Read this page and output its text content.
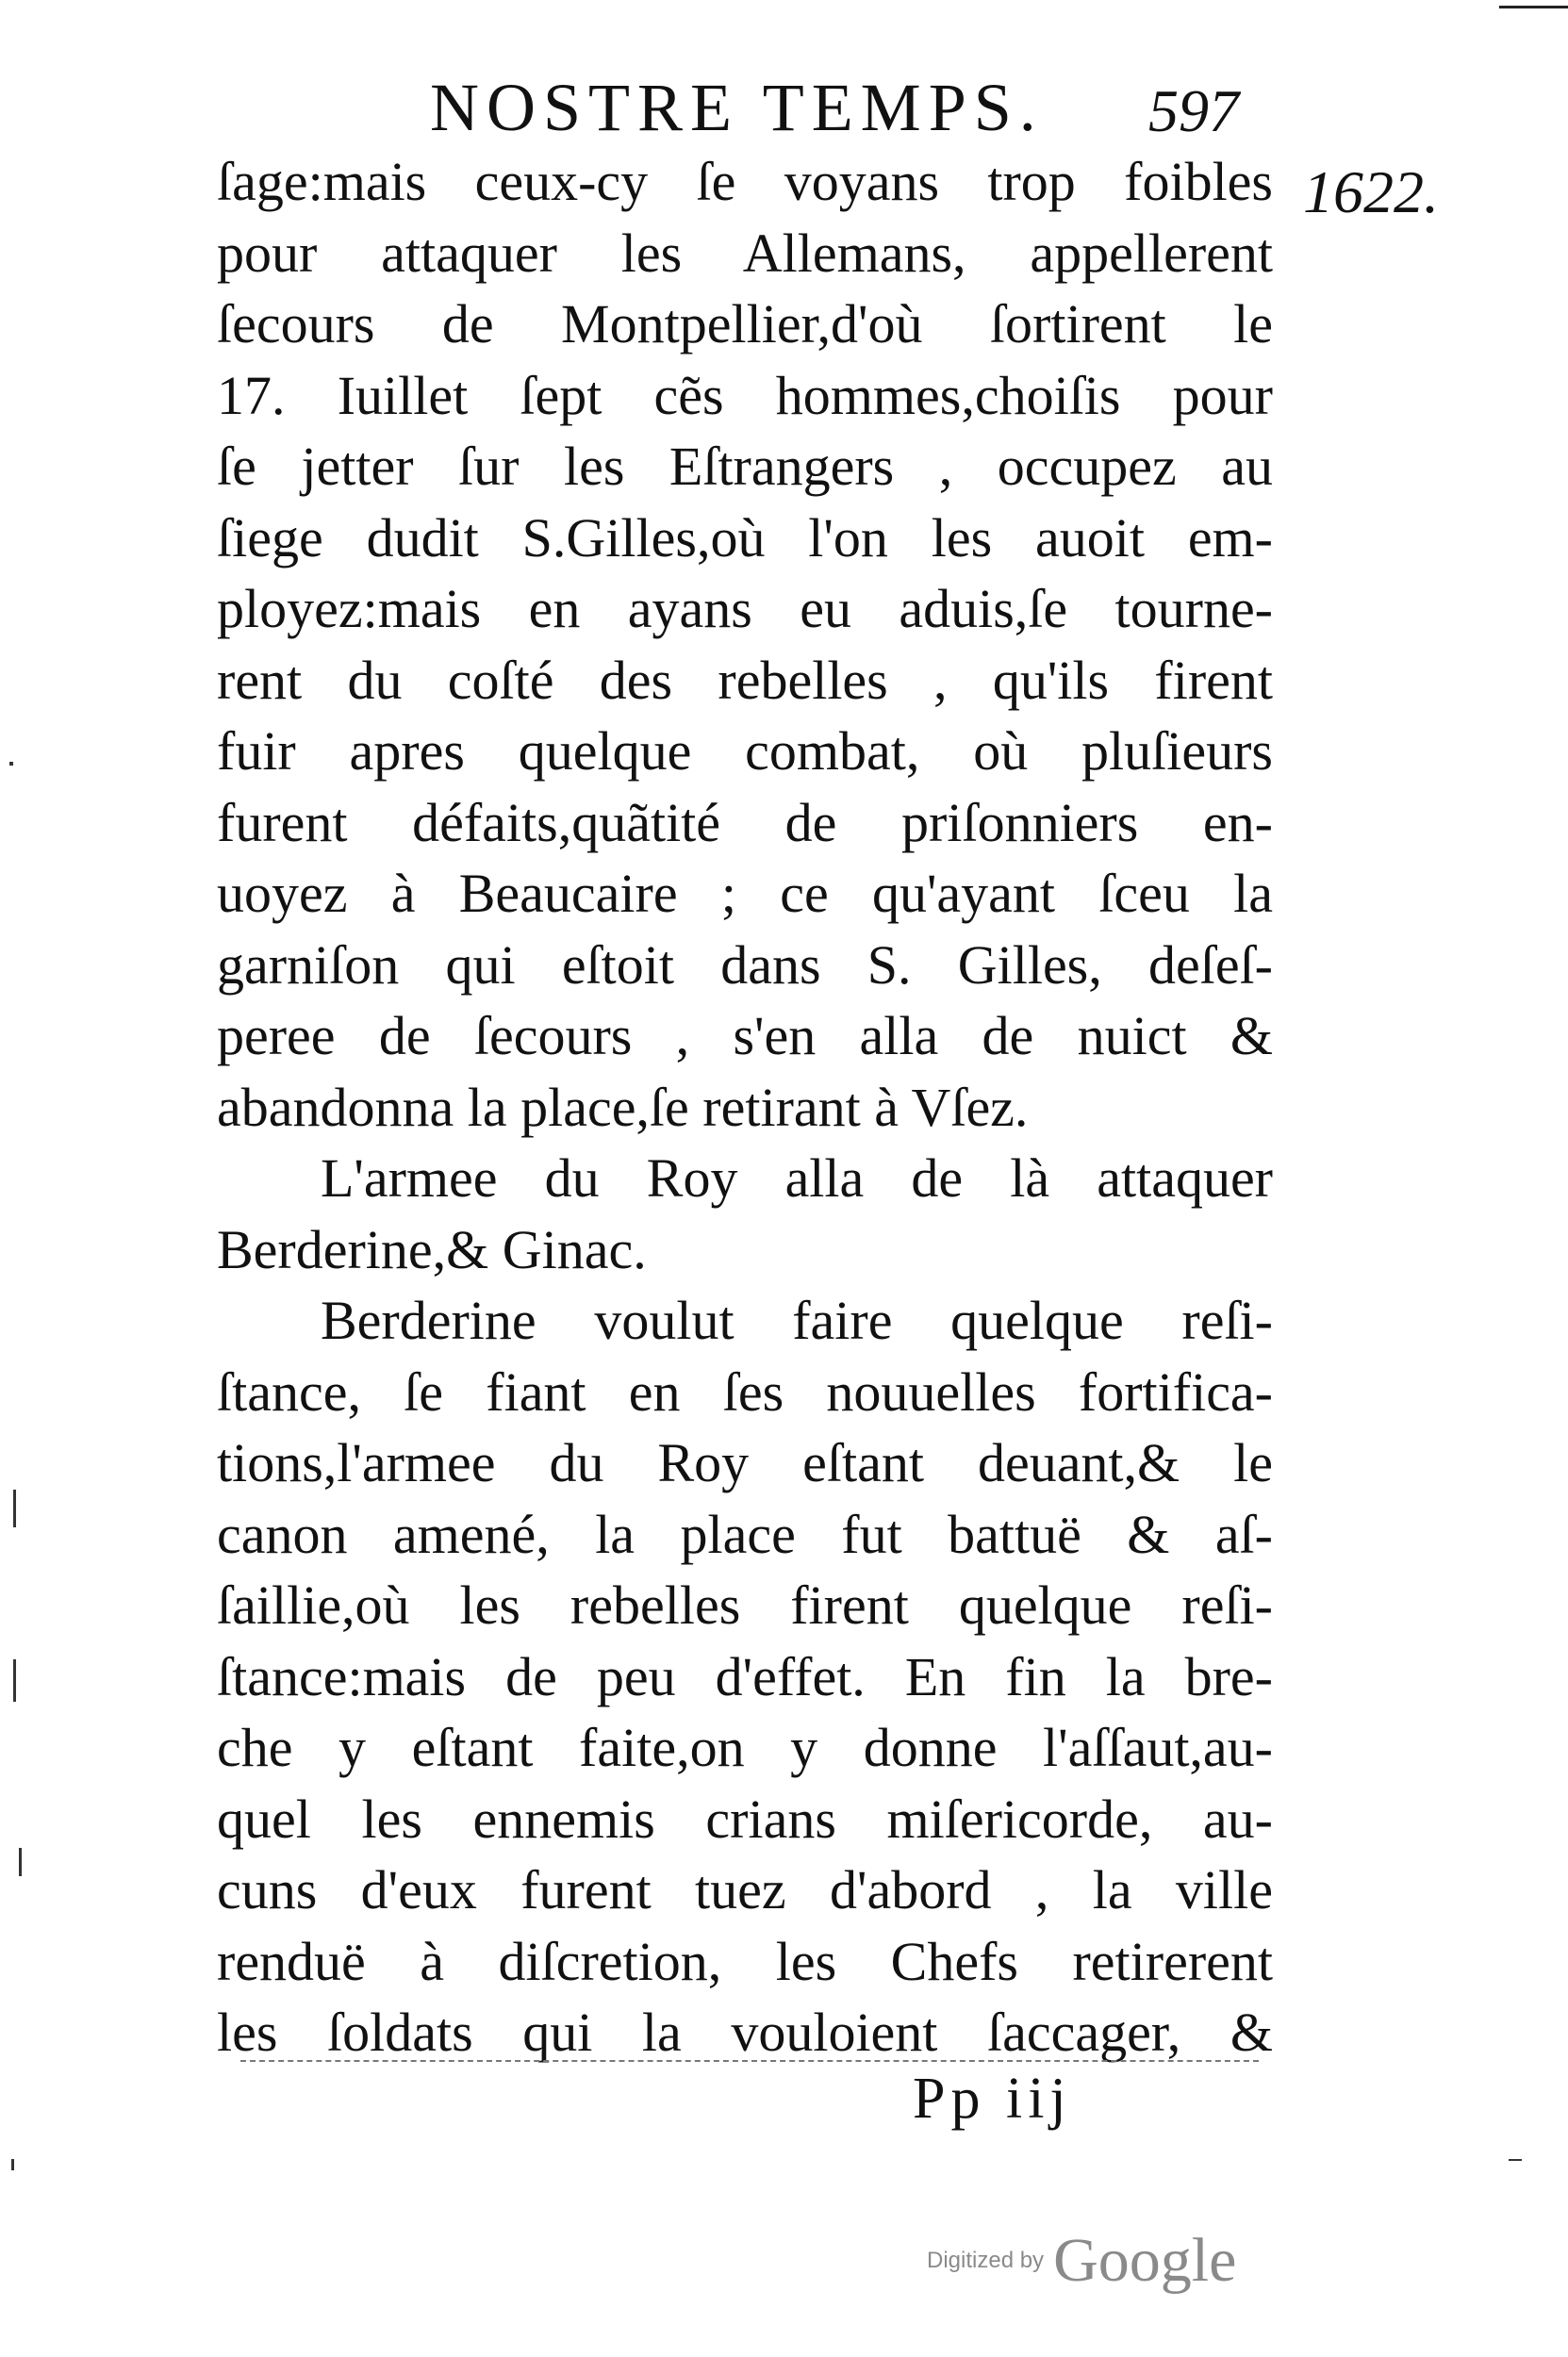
NOSTRE TEMPS. 597
1622.
ſage:mais ceux-cy ſe voyans trop foibles
pour attaquer les Allemans, appellerent
ſecours de Montpellier,d'où ſortirent le
17. Iuillet ſept cẽs hommes,choiſis pour
ſe jetter ſur les Eſtrangers , occupez au
ſiege dudit S.Gilles,où l'on les auoit em-
ployez:mais en ayans eu aduis,ſe tourne-
rent du coſté des rebelles , qu'ils firent
fuir apres quelque combat, où pluſieurs
furent défaits,quãtité de priſonniers en-
uoyez à Beaucaire ; ce qu'ayant ſceu la
garniſon qui eſtoit dans S. Gilles, deſeſ-
peree de ſecours , s'en alla de nuict &
abandonna la place,ſe retirant à Vſez.
L'armee du Roy alla de là attaquer
Berderine,& Ginac.
Berderine voulut faire quelque reſi-
ſtance, ſe fiant en ſes nouuelles fortifica-
tions,l'armee du Roy eſtant deuant,& le
canon amené, la place fut battuë & aſ-
ſaillie,où les rebelles firent quelque reſi-
ſtance:mais de peu d'effet. En fin la bre-
che y eſtant faite,on y donne l'aſſaut,au-
quel les ennemis crians miſericorde, au-
cuns d'eux furent tuez d'abord , la ville
renduë à diſcretion, les Chefs retirerent
les ſoldats qui la vouloient ſaccager, &
Pp iij
Digitized by Google
